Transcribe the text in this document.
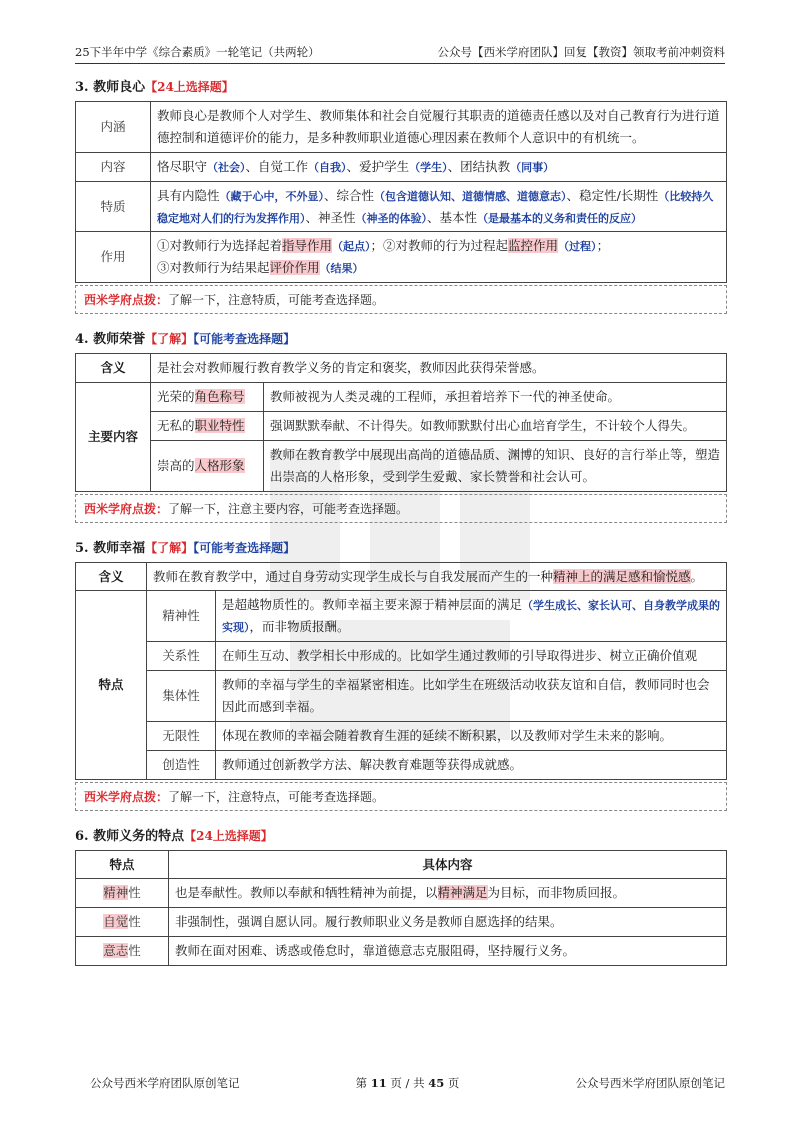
25下半年中学《综合素质》一轮笔记（共两轮）	公众号【西米学府团队】回复【教资】领取考前冲刺资料
3. 教师良心【24上选择题】
内涵	教师良心是教师个人对学生、教师集体和社会自觉履行其职责的道德责任感以及对自己教育行为进行道德控制和道德评价的能力，是多种教师职业道德心理因素在教师个人意识中的有机统一。
内容	恪尽职守（社会）、自觉工作（自我）、爱护学生（学生）、团结执教（同事）
特质	具有内隐性（藏于心中，不外显）、综合性（包含道德认知、道德情感、道德意志）、稳定性/长期性（比较持久稳定地对人们的行为发挥作用）、神圣性（神圣的体验）、基本性（是最基本的义务和责任的反应）
作用	①对教师行为选择起着指导作用（起点）；②对教师的行为过程起监控作用（过程）；
③对教师行为结果起评价作用（结果）
西米学府点拨：了解一下，注意特质，可能考查选择题。
4. 教师荣誉【了解】【可能考查选择题】
含义	是社会对教师履行教育教学义务的肯定和褒奖，教师因此获得荣誉感。	
主要内容	光荣的角色称号	教师被视为人类灵魂的工程师，承担着培养下一代的神圣使命。
	无私的职业特性	强调默默奉献、不计得失。如教师默默付出心血培育学生，不计较个人得失。
	崇高的人格形象	教师在教育教学中展现出高尚的道德品质、渊博的知识、良好的言行举止等，塑造出崇高的人格形象，受到学生爱戴、家长赞誉和社会认可。
西米学府点拨：了解一下，注意主要内容，可能考查选择题。
5. 教师幸福【了解】【可能考查选择题】
含义	教师在教育教学中，通过自身劳动实现学生成长与自我发展而产生的一种精神上的满足感和愉悦感。	
特点	精神性	是超越物质性的。教师幸福主要来源于精神层面的满足（学生成长、家长认可、自身教学成果的实现），而非物质报酬。
	关系性	在师生互动、教学相长中形成的。比如学生通过教师的引导取得进步、树立正确价值观
	集体性	教师的幸福与学生的幸福紧密相连。比如学生在班级活动收获友谊和自信，教师同时也会因此而感到幸福。
	无限性	体现在教师的幸福会随着教育生涯的延续不断积累，以及教师对学生未来的影响。
	创造性	教师通过创新教学方法、解决教育难题等获得成就感。
西米学府点拨：了解一下，注意特点，可能考查选择题。
6. 教师义务的特点【24上选择题】
特点	具体内容
精神性	也是奉献性。教师以奉献和牺牲精神为前提，以精神满足为目标，而非物质回报。
自觉性	非强制性，强调自愿认同。履行教师职业义务是教师自愿选择的结果。
意志性	教师在面对困难、诱惑或倦怠时，靠道德意志克服阻碍，坚持履行义务。
公众号西米学府团队原创笔记	第 11 页 / 共 45 页	公众号西米学府团队原创笔记
